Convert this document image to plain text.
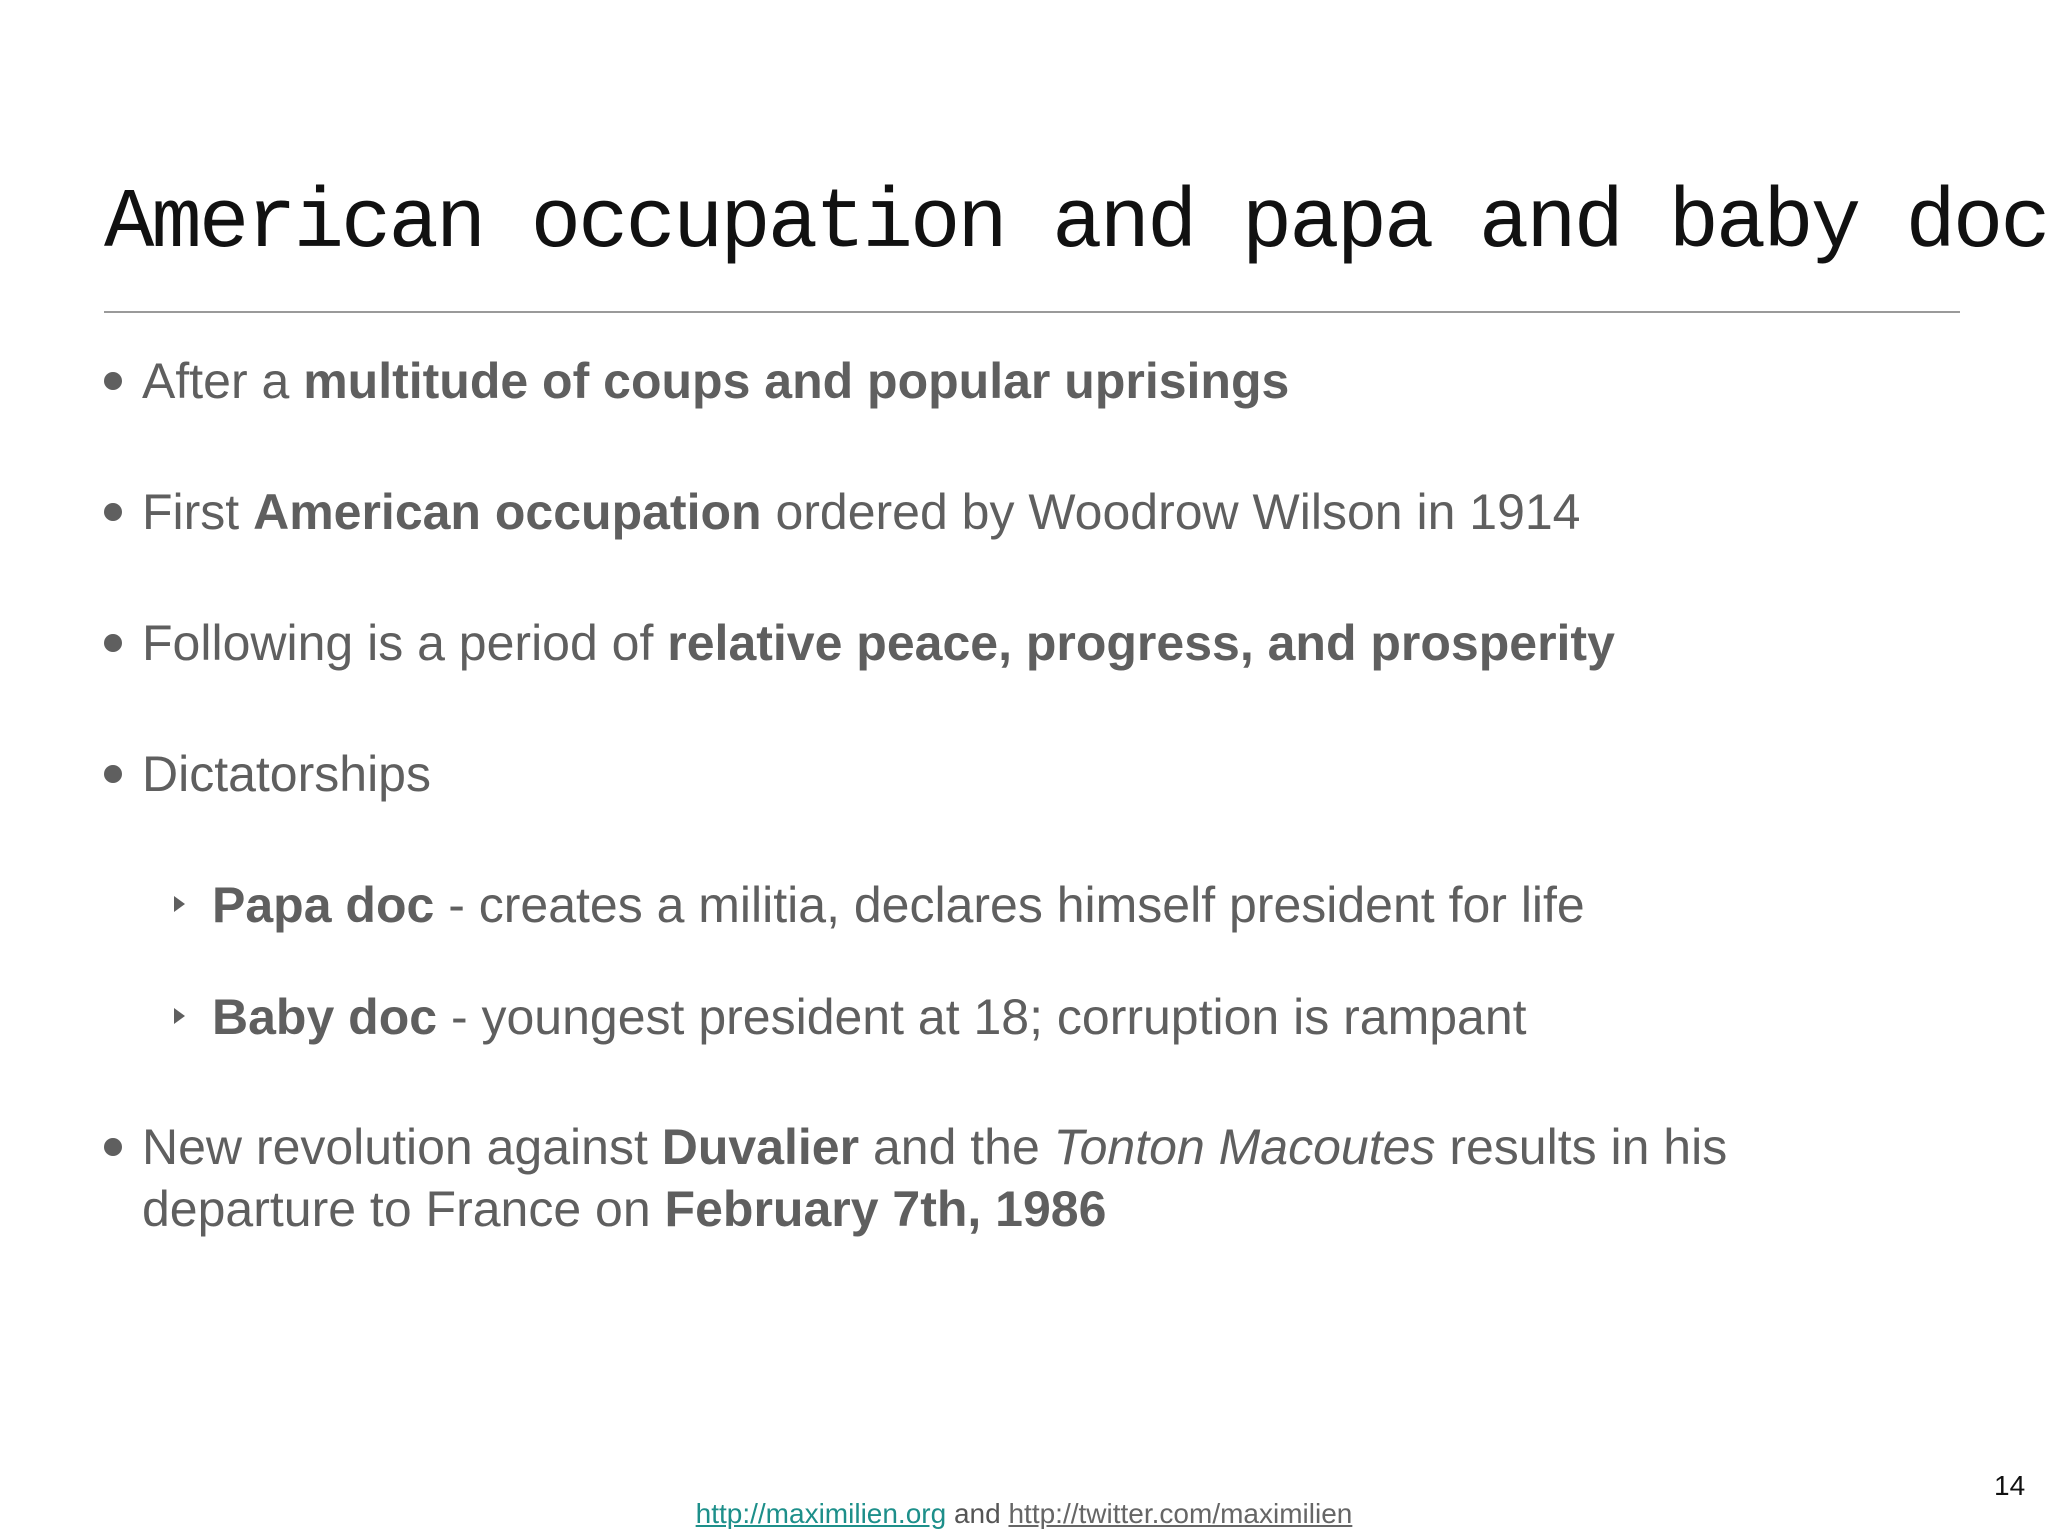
American occupation and papa and baby doc
After a multitude of coups and popular uprisings
First American occupation ordered by Woodrow Wilson in 1914
Following is a period of relative peace, progress, and prosperity
Dictatorships
Papa doc - creates a militia, declares himself president for life
Baby doc - youngest president at 18; corruption is rampant
New revolution against Duvalier and the Tonton Macoutes results in his departure to France on February 7th, 1986
http://maximilien.org and http://twitter.com/maximilien
14
